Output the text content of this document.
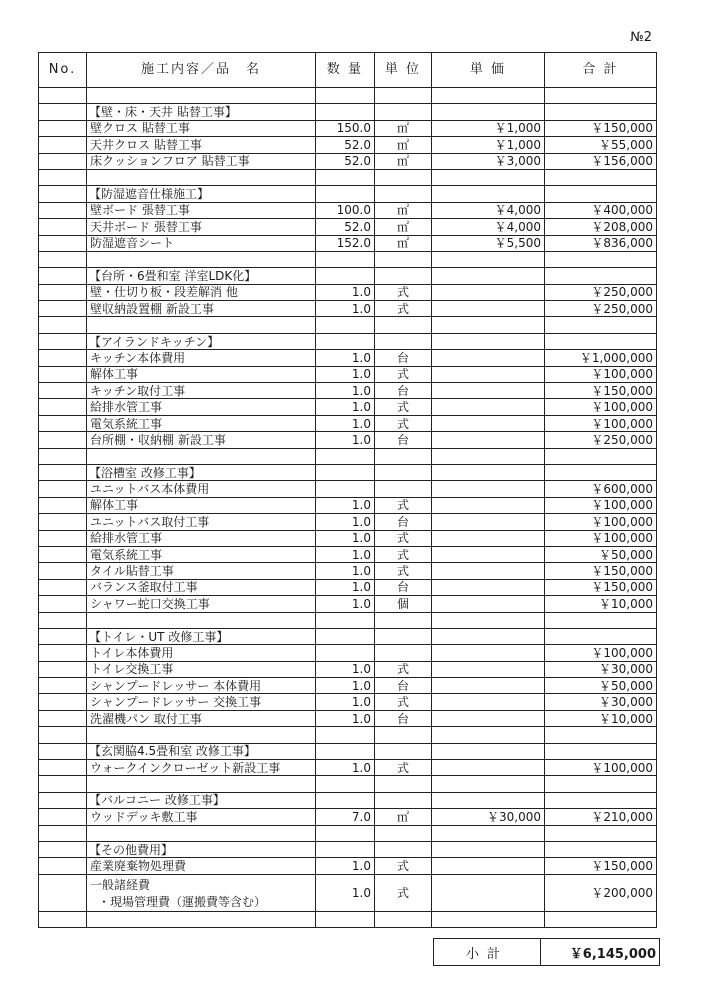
№2
No.	施工内容／品　名	数 量	単 位	単 価	合 計

	【壁・床・天井 貼替工事】				
	壁クロス 貼替工事	150.0	㎡	￥1,000	￥150,000
	天井クロス 貼替工事	52.0	㎡	￥1,000	￥55,000
	床クッションフロア 貼替工事	52.0	㎡	￥3,000	￥156,000

	【防湿遮音仕様施工】				
	壁ボード 張替工事	100.0	㎡	￥4,000	￥400,000
	天井ボード 張替工事	52.0	㎡	￥4,000	￥208,000
	防湿遮音シート	152.0	㎡	￥5,500	￥836,000

	【台所・6畳和室 洋室LDK化】				
	壁・仕切り板・段差解消 他	1.0	式		￥250,000
	壁収納設置棚 新設工事	1.0	式		￥250,000

	【アイランドキッチン】				
	キッチン本体費用	1.0	台		￥1,000,000
	解体工事	1.0	式		￥100,000
	キッチン取付工事	1.0	台		￥150,000
	給排水管工事	1.0	式		￥100,000
	電気系統工事	1.0	式		￥100,000
	台所棚・収納棚 新設工事	1.0	台		￥250,000

	【浴槽室 改修工事】				
	ユニットバス本体費用				￥600,000
	解体工事	1.0	式		￥100,000
	ユニットバス取付工事	1.0	台		￥100,000
	給排水管工事	1.0	式		￥100,000
	電気系統工事	1.0	式		￥50,000
	タイル貼替工事	1.0	式		￥150,000
	バランス釜取付工事	1.0	台		￥150,000
	シャワー蛇口交換工事	1.0	個		￥10,000

	【トイレ・UT 改修工事】				
	トイレ本体費用				￥100,000
	トイレ交換工事	1.0	式		￥30,000
	シャンプードレッサー 本体費用	1.0	台		￥50,000
	シャンプードレッサー 交換工事	1.0	式		￥30,000
	洗濯機パン 取付工事	1.0	台		￥10,000

	【玄関脇4.5畳和室 改修工事】				
	ウォークインクローゼット新設工事	1.0	式		￥100,000

	【バルコニー 改修工事】				
	ウッドデッキ敷工事	7.0	㎡	￥30,000	￥210,000

	【その他費用】				
	産業廃棄物処理費	1.0	式		￥150,000
	一般諸経費
・現場管理費（運搬費等含む）	1.0	式		￥200,000

小計	￥6,145,000
